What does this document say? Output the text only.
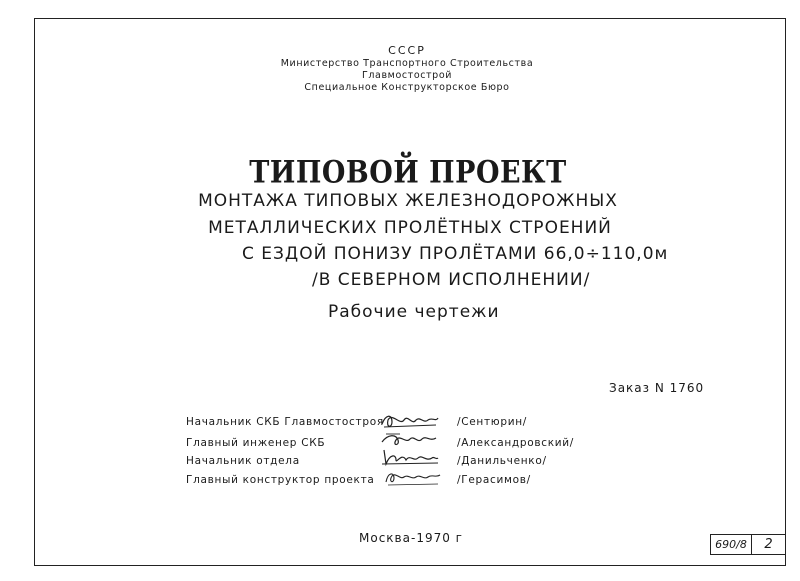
СССР
Министерство Транспортного Строительства
Главмостострой
Специальное Конструкторское Бюро
ТИПОВОЙ ПРОЕКТ
МОНТАЖА ТИПОВЫХ ЖЕЛЕЗНОДОРОЖНЫХ
МЕТАЛЛИЧЕСКИХ ПРОЛЁТНЫХ СТРОЕНИЙ
С ЕЗДОЙ ПОНИЗУ ПРОЛЁТАМИ 66,0÷110,0м
/В СЕВЕРНОМ ИСПОЛНЕНИИ/
Рабочие чертежи
Заказ N 1760
Начальник СКБ Главмостостроя	/Сентюрин/
Главный инженер СКБ	/Александровский/
Начальник отдела	/Данильченко/
Главный конструктор проекта	/Герасимов/
Москва-1970 г	690/8	2
